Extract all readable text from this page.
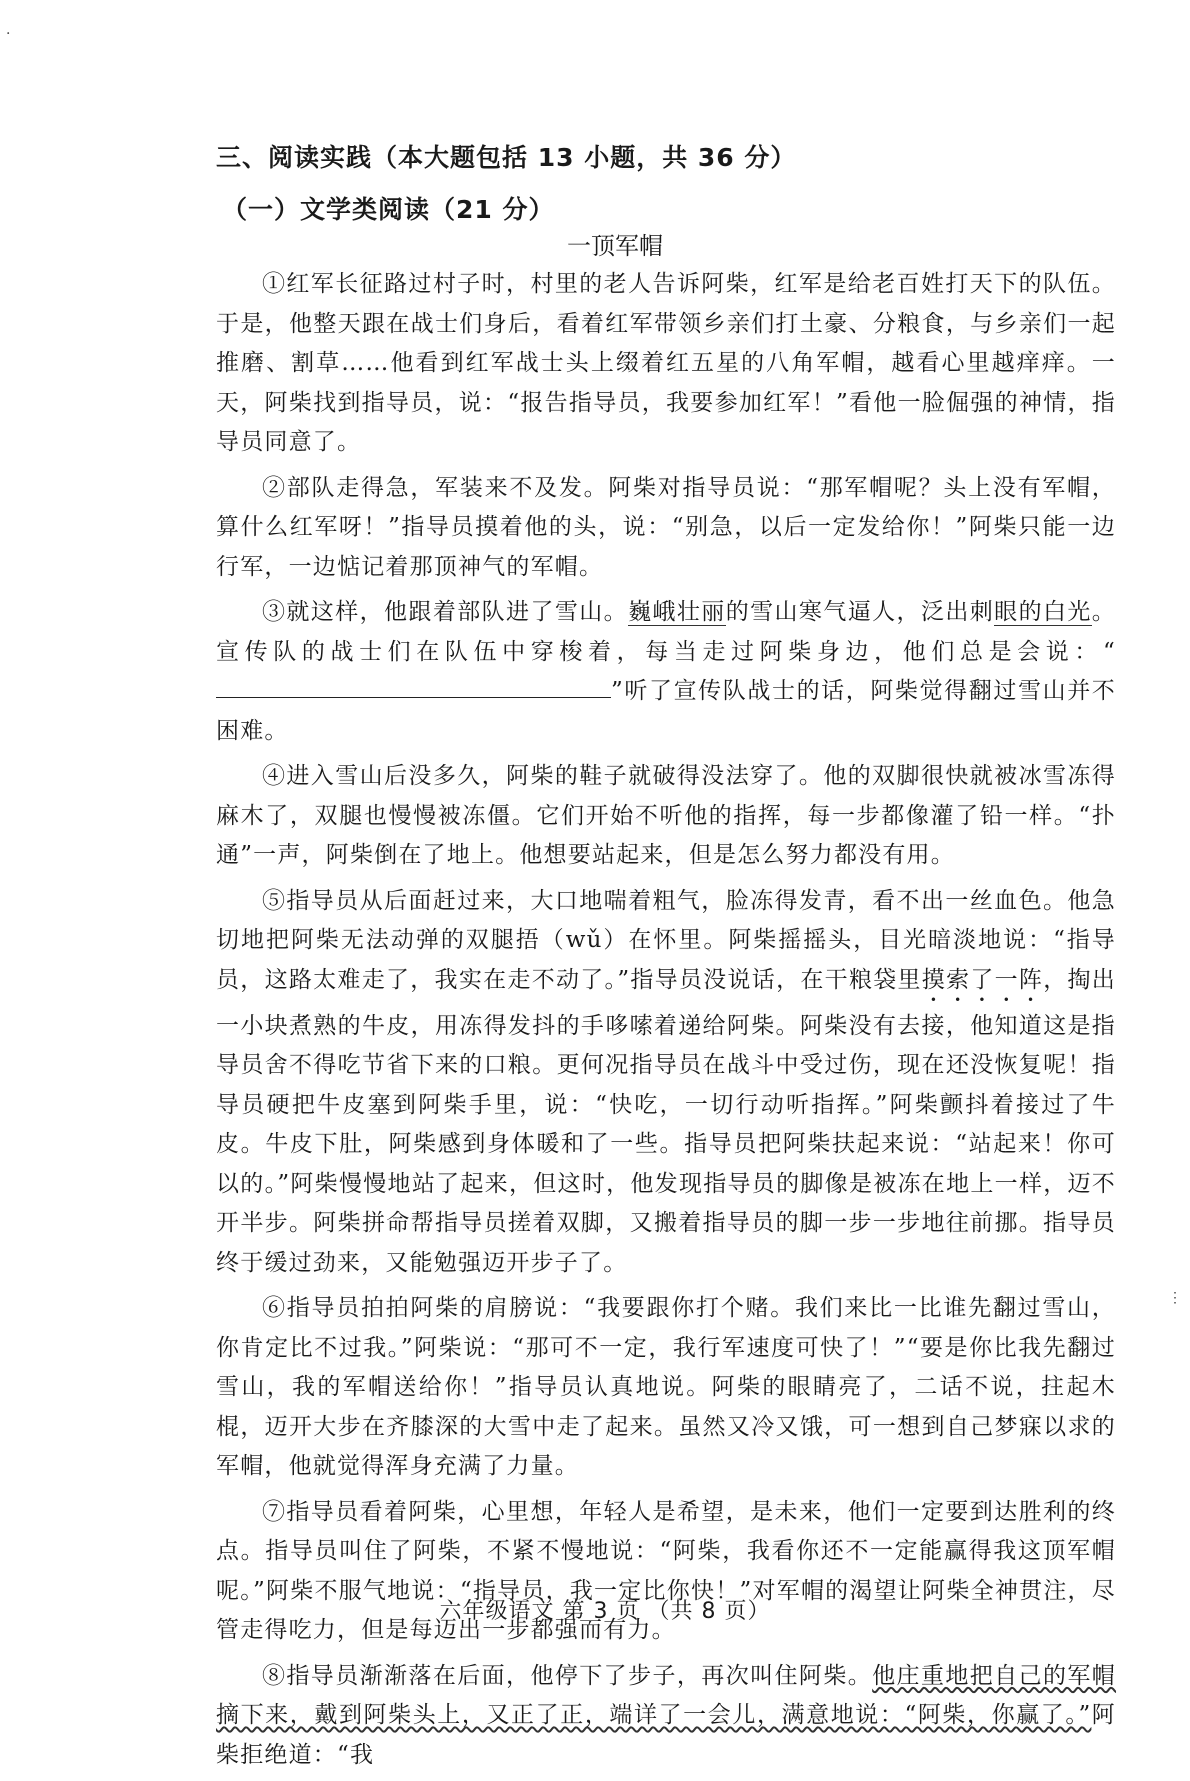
三、阅读实践（本大题包括 13 小题，共 36 分）
（一）文学类阅读（21 分）
一顶军帽

①红军长征路过村子时，村里的老人告诉阿柴，红军是给老百姓打天下的队伍。于是，他整天跟在战士们身后，看着红军带领乡亲们打土豪、分粮食，与乡亲们一起推磨、割草……他看到红军战士头上缀着红五星的八角军帽，越看心里越痒痒。一天，阿柴找到指导员，说：“报告指导员，我要参加红军！”看他一脸倔强的神情，指导员同意了。

②部队走得急，军装来不及发。阿柴对指导员说：“那军帽呢？头上没有军帽，算什么红军呀！”指导员摸着他的头，说：“别急，以后一定发给你！”阿柴只能一边行军，一边惦记着那顶神气的军帽。

③就这样，他跟着部队进了雪山。巍峨壮丽的雪山寒气逼人，泛出刺眼的白光。宣传队的战士们在队伍中穿梭着，每当走过阿柴身边，他们总是会说：“”听了宣传队战士的话，阿柴觉得翻过雪山并不困难。

④进入雪山后没多久，阿柴的鞋子就破得没法穿了。他的双脚很快就被冰雪冻得麻木了，双腿也慢慢被冻僵。它们开始不听他的指挥，每一步都像灌了铅一样。“扑通”一声，阿柴倒在了地上。他想要站起来，但是怎么努力都没有用。

⑤指导员从后面赶过来，大口地喘着粗气，脸冻得发青，看不出一丝血色。他急切地把阿柴无法动弹的双腿捂（wǔ）在怀里。阿柴摇摇头，目光暗淡地说：“指导员，这路太难走了，我实在走不动了。”指导员没说话，在干粮袋里摸索了一阵，掏出一小块煮熟的牛皮，用冻得发抖的手哆嗦着递给阿柴。阿柴没有去接，他知道这是指导员舍不得吃节省下来的口粮。更何况指导员在战斗中受过伤，现在还没恢复呢！指导员硬把牛皮塞到阿柴手里，说：“快吃，一切行动听指挥。”阿柴颤抖着接过了牛皮。牛皮下肚，阿柴感到身体暖和了一些。指导员把阿柴扶起来说：“站起来！你可以的。”阿柴慢慢地站了起来，但这时，他发现指导员的脚像是被冻在地上一样，迈不开半步。阿柴拼命帮指导员搓着双脚，又搬着指导员的脚一步一步地往前挪。指导员终于缓过劲来，又能勉强迈开步子了。

⑥指导员拍拍阿柴的肩膀说：“我要跟你打个赌。我们来比一比谁先翻过雪山，你肯定比不过我。”阿柴说：“那可不一定，我行军速度可快了！”“要是你比我先翻过雪山，我的军帽送给你！”指导员认真地说。阿柴的眼睛亮了，二话不说，拄起木棍，迈开大步在齐膝深的大雪中走了起来。虽然又冷又饿，可一想到自己梦寐以求的军帽，他就觉得浑身充满了力量。

⑦指导员看着阿柴，心里想，年轻人是希望，是未来，他们一定要到达胜利的终点。指导员叫住了阿柴，不紧不慢地说：“阿柴，我看你还不一定能赢得我这顶军帽呢。”阿柴不服气地说：“指导员，我一定比你快！”对军帽的渴望让阿柴全神贯注，尽管走得吃力，但是每迈出一步都强而有力。

⑧指导员渐渐落在后面，他停下了步子，再次叫住阿柴。他庄重地把自己的军帽摘下来，戴到阿柴头上，又正了正，端详了一会儿，满意地说：“阿柴，你赢了。”阿柴拒绝道：“我

六年级语文 第 3 页 （共 8 页）
·
⋮
